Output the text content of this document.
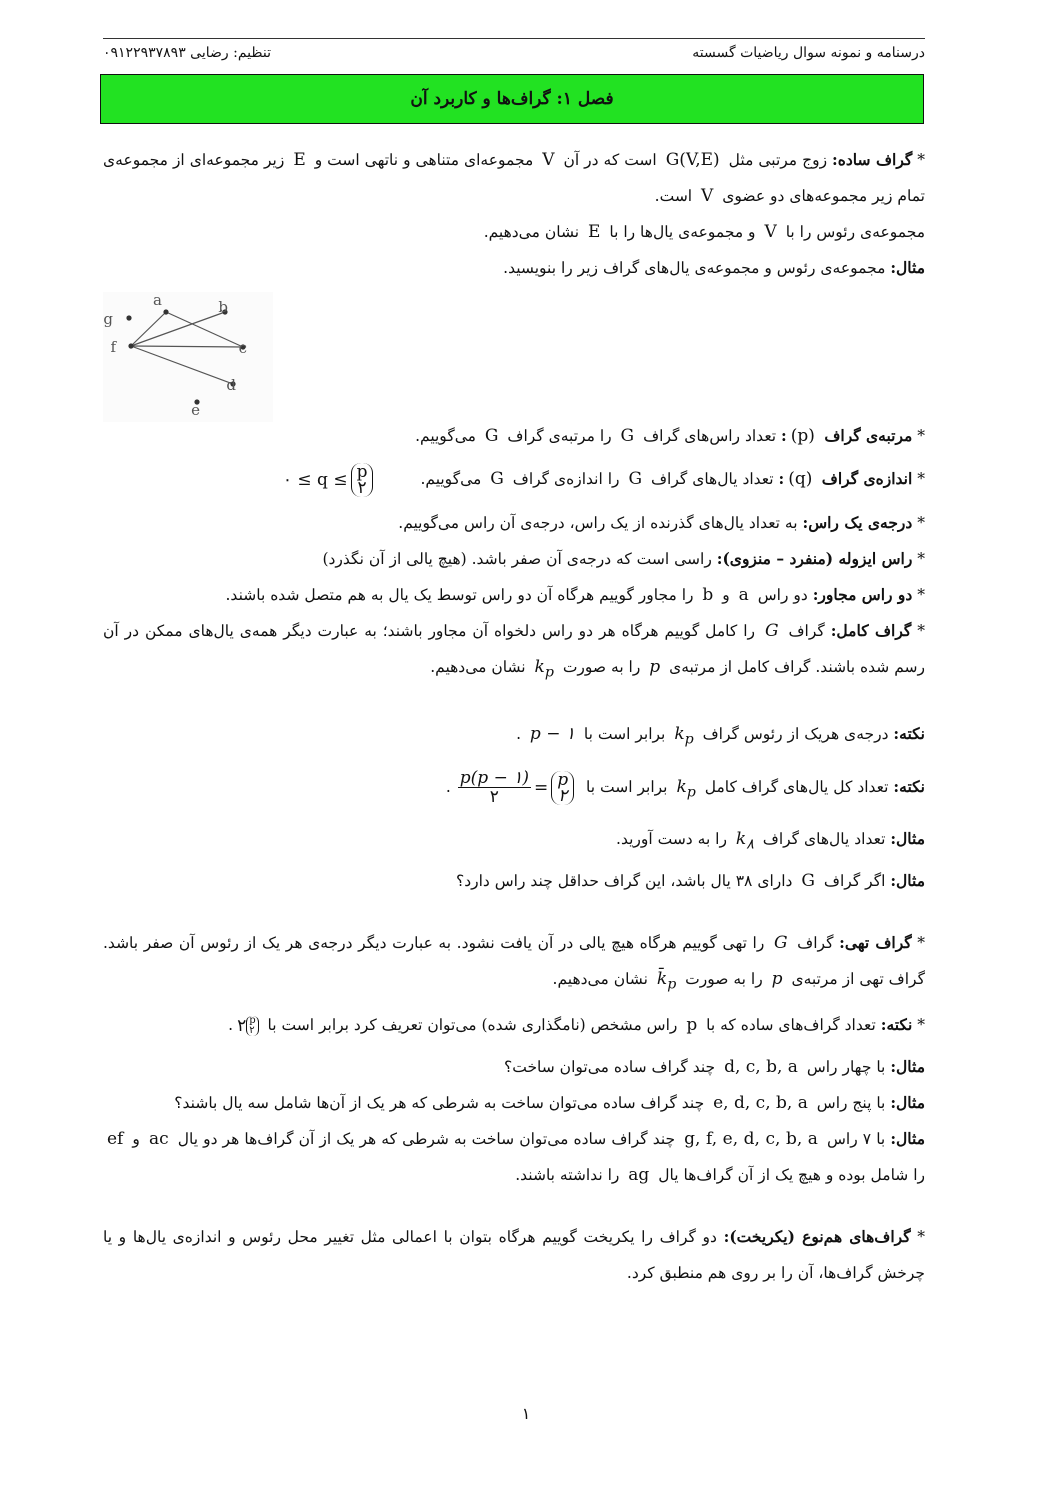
درسنامه و نمونه سوال ریاضیات گسسته
تنظیم: رضایی ۰۹۱۲۲۹۳۷۸۹۳
فصل ۱: گراف‌ها و کاربرد آن
* گراف ساده: زوج مرتبی مثل G(V,E) است که در آن V مجموعه‌ای متناهی و ناتهی است و E زیر مجموعه‌ای از مجموعه‌ی تمام زیر مجموعه‌های دو عضوی V است.
مجموعه‌ی رئوس را با V و مجموعه‌ی یال‌ها را با E نشان می‌دهیم.
مثال: مجموعه‌ی رئوس و مجموعه‌ی یال‌های گراف زیر را بنویسید.
a	b
c
d
e
f
g
* مرتبه‌ی گراف (p): تعداد راس‌های گراف G را مرتبه‌ی گراف G می‌گوییم.
* اندازه‌ی گراف (q): تعداد یال‌های گراف G را اندازه‌ی گراف G می‌گوییم.
۰ ≤ q ≤ p
۲
* درجه‌ی یک راس: به تعداد یال‌های گذرنده از یک راس، درجه‌ی آن راس می‌گوییم.
* راس ایزوله (منفرد – منزوی): راسی است که درجه‌ی آن صفر باشد. (هیچ یالی از آن نگذرد)
* دو راس مجاور: دو راس a و b را مجاور گوییم هرگاه آن دو راس توسط یک یال به هم متصل شده باشند.
* گراف کامل: گراف G را کامل گوییم هرگاه هر دو راس دلخواه آن مجاور باشند؛ به عبارت دیگر همه‌ی یال‌های ممکن در آن رسم شده باشند. گراف کامل از مرتبه‌ی p را به صورت $k_p$ نشان می‌دهیم.
نکته: درجه‌ی هریک از رئوس گراف $k_p$ برابر است با p − ۱ .
نکته: تعداد کل یال‌های گراف کامل $k_p$ برابر است با
$\frac{p(p - ۱)}{۲} = p$
۲
.
مثال: تعداد یال‌های گراف $k_۸$ را به دست آورید.
مثال: اگر گراف G دارای ۳۸ یال باشد، این گراف حداقل چند راس دارد؟
* گراف تهی: گراف G را تهی گوییم هرگاه هیچ یالی در آن یافت نشود. به عبارت دیگر درجه‌ی هر یک از رئوس آن صفر باشد. گراف تهی از مرتبه‌ی p را به صورت $k̄_p$ نشان می‌دهیم.
* نکته: تعداد گراف‌های ساده که با p راس مشخص (نامگذاری شده) می‌توان تعریف کرد برابر است با
۲ p
۲
.
مثال: با چهار راس d, c, b, a چند گراف ساده می‌توان ساخت؟
مثال: با پنج راس e, d, c, b, a چند گراف ساده می‌توان ساخت به شرطی که هر یک از آن‌ها شامل سه یال باشند؟
مثال: با ۷ راس g, f, e, d, c, b, a چند گراف ساده می‌توان ساخت به شرطی که هر یک از آن گراف‌ها هر دو یال ac و ef را شامل بوده و هیچ یک از آن گراف‌ها یال ag را نداشته باشند.
* گراف‌های هم‌نوع (یکریخت): دو گراف را یکریخت گوییم هرگاه بتوان با اعمالی مثل تغییر محل رئوس و اندازه‌ی یال‌ها و یا چرخش گراف‌ها، آن را بر روی هم منطبق کرد.
۱
